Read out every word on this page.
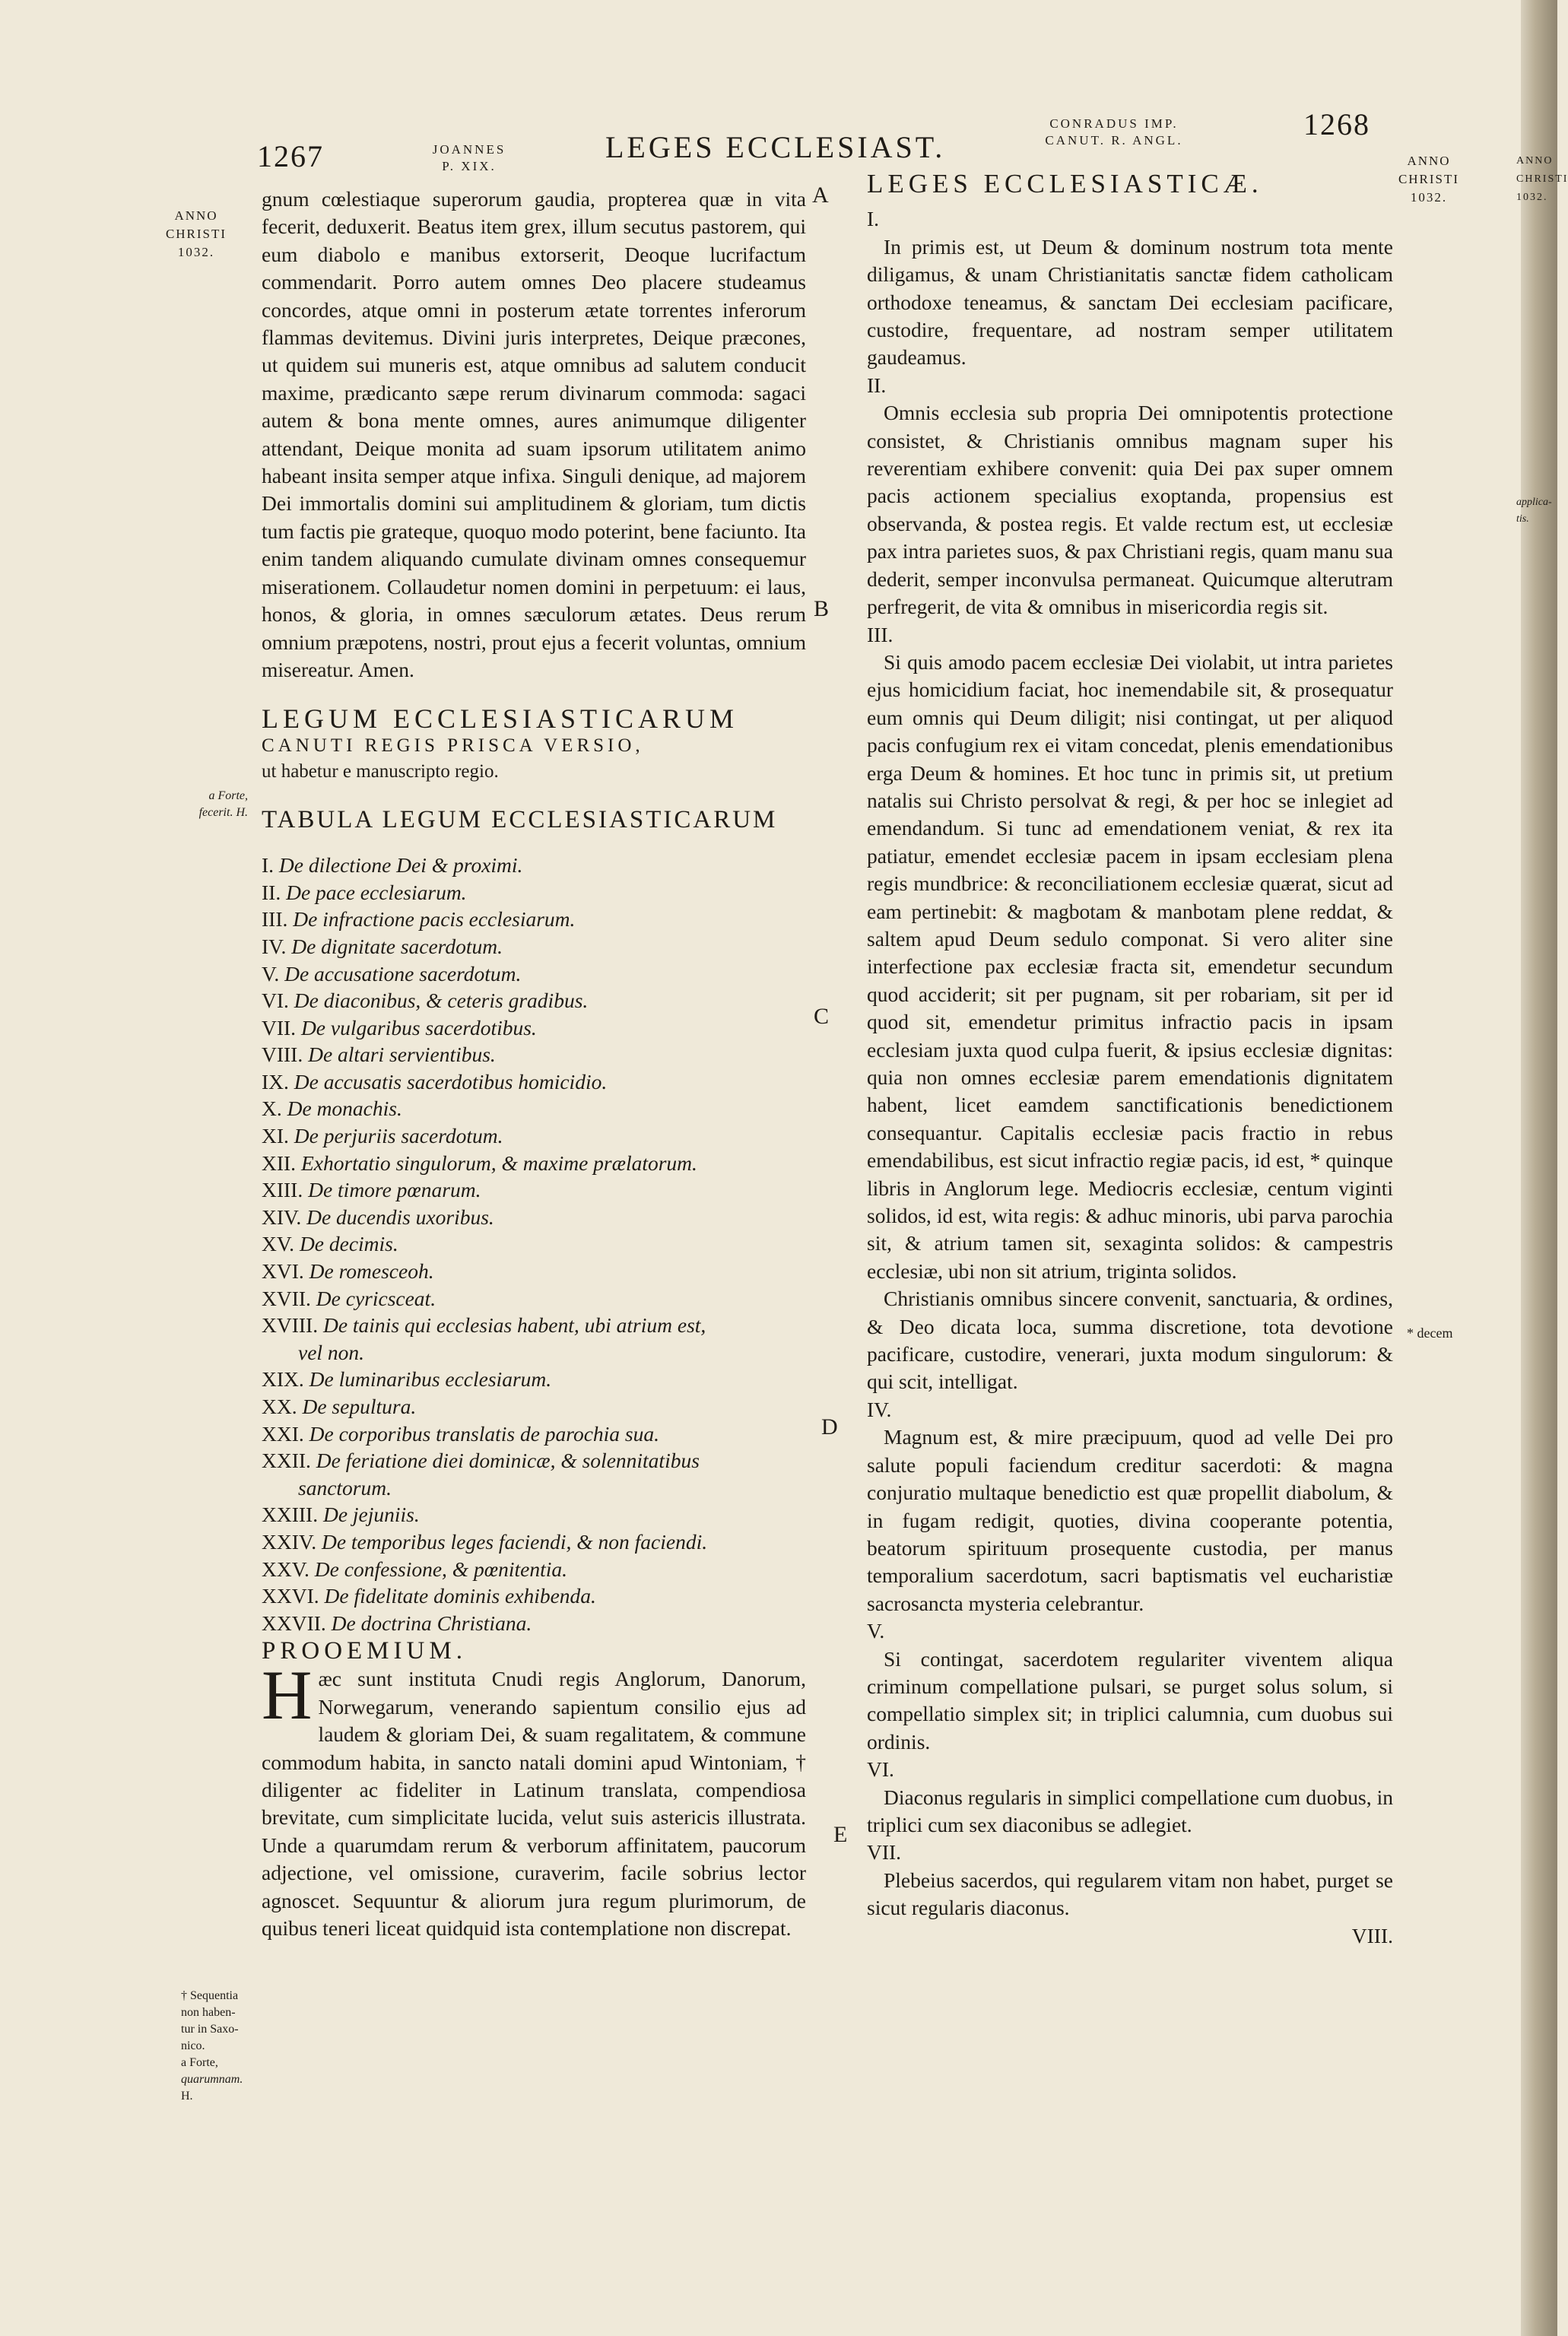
1267	JOANNES
P. XIX.
LEGES ECCLESIAST.
CONRADUS IMP.
CANUT. R. ANGL.	1268
ANNO
CHRISTI
1032.
ANNO
CHRISTI
1032.
ANNO
CHRISTI
1032.
applica-
tis.
a Forte,
fecerit. H.
† Sequentia
non haben-
tur in Saxo-
nico.
a Forte,
quarumnam.
H.
* decem
A
B
C
D
E

gnum cœlestiaque superorum gaudia, propterea quæ in vita fecerit, deduxerit. Beatus item grex, illum secutus pastorem, qui eum diabolo e manibus extorserit, Deoque lucrifactum commendarit. Porro autem omnes Deo placere studeamus concordes, atque omni in posterum ætate torrentes inferorum flammas devitemus. Divini juris interpretes, Deique præcones, ut quidem sui muneris est, atque omnibus ad salutem conducit maxime, prædicanto sæpe rerum divinarum commoda: sagaci autem & bona mente omnes, aures animumque diligenter attendant, Deique monita ad suam ipsorum utilitatem animo habeant insita semper atque infixa. Singuli denique, ad majorem Dei immortalis domini sui amplitudinem & gloriam, tum dictis tum factis pie grateque, quoquo modo poterint, bene faciunto. Ita enim tandem aliquando cumulate divinam omnes consequemur miserationem. Collaudetur nomen domini in perpetuum: ei laus, honos, & gloria, in omnes sæculorum ætates. Deus rerum omnium præpotens, nostri, prout ejus a fecerit voluntas, omnium misereatur. Amen.

LEGUM ECCLESIASTICARUM

CANUTI REGIS PRISCA VERSIO,

ut habetur e manuscripto regio.

TABULA LEGUM ECCLESIASTICARUM

I. De dilectione Dei & proximi.
II. De pace ecclesiarum.
III. De infractione pacis ecclesiarum.
IV. De dignitate sacerdotum.
V. De accusatione sacerdotum.
VI. De diaconibus, & ceteris gradibus.
VII. De vulgaribus sacerdotibus.
VIII. De altari servientibus.
IX. De accusatis sacerdotibus homicidio.
X. De monachis.
XI. De perjuriis sacerdotum.
XII. Exhortatio singulorum, & maxime prælatorum.
XIII. De timore pœnarum.
XIV. De ducendis uxoribus.
XV. De decimis.
XVI. De romesceoh.
XVII. De cyricsceat.
XVIII. De tainis qui ecclesias habent, ubi atrium est,
vel non.
XIX. De luminaribus ecclesiarum.
XX. De sepultura.
XXI. De corporibus translatis de parochia sua.
XXII. De feriatione diei dominicæ, & solennitatibus
sanctorum.
XXIII. De jejuniis.
XXIV. De temporibus leges faciendi, & non faciendi.
XXV. De confessione, & pœnitentia.
XXVI. De fidelitate dominis exhibenda.
XXVII. De doctrina Christiana.

PROOEMIUM.

Hæc sunt instituta Cnudi regis Anglorum, Danorum, Norwegarum, venerando sapientum consilio ejus ad laudem & gloriam Dei, & suam regalitatem, & commune commodum habita, in sancto natali domini apud Wintoniam, † diligenter ac fideliter in Latinum translata, compendiosa brevitate, cum simplicitate lucida, velut suis astericis illustrata. Unde a quarumdam rerum & verborum affinitatem, paucorum adjectione, vel omissione, curaverim, facile sobrius lector agnoscet. Sequuntur & aliorum jura regum plurimorum, de quibus teneri liceat quidquid ista contemplatione non discrepat.

LEGES ECCLESIASTICÆ.

I.

In primis est, ut Deum & dominum nostrum tota mente diligamus, & unam Christianitatis sanctæ fidem catholicam orthodoxe teneamus, & sanctam Dei ecclesiam pacificare, custodire, frequentare, ad nostram semper utilitatem gaudeamus.

II.

Omnis ecclesia sub propria Dei omnipotentis protectione consistet, & Christianis omnibus magnam super his reverentiam exhibere convenit: quia Dei pax super omnem pacis actionem specialius exoptanda, propensius est observanda, & postea regis. Et valde rectum est, ut ecclesiæ pax intra parietes suos, & pax Christiani regis, quam manu sua dederit, semper inconvulsa permaneat. Quicumque alterutram perfregerit, de vita & omnibus in misericordia regis sit.

III.

Si quis amodo pacem ecclesiæ Dei violabit, ut intra parietes ejus homicidium faciat, hoc inemendabile sit, & prosequatur eum omnis qui Deum diligit; nisi contingat, ut per aliquod pacis confugium rex ei vitam concedat, plenis emendationibus erga Deum & homines. Et hoc tunc in primis sit, ut pretium natalis sui Christo persolvat & regi, & per hoc se inlegiet ad emendandum. Si tunc ad emendationem veniat, & rex ita patiatur, emendet ecclesiæ pacem in ipsam ecclesiam plena regis mundbrice: & reconciliationem ecclesiæ quærat, sicut ad eam pertinebit: & magbotam & manbotam plene reddat, & saltem apud Deum sedulo componat. Si vero aliter sine interfectione pax ecclesiæ fracta sit, emendetur secundum quod acciderit; sit per pugnam, sit per robariam, sit per id quod sit, emendetur primitus infractio pacis in ipsam ecclesiam juxta quod culpa fuerit, & ipsius ecclesiæ dignitas: quia non omnes ecclesiæ parem emendationis dignitatem habent, licet eamdem sanctificationis benedictionem consequantur. Capitalis ecclesiæ pacis fractio in rebus emendabilibus, est sicut infractio regiæ pacis, id est, * quinque libris in Anglorum lege. Mediocris ecclesiæ, centum viginti solidos, id est, wita regis: & adhuc minoris, ubi parva parochia sit, & atrium tamen sit, sexaginta solidos: & campestris ecclesiæ, ubi non sit atrium, triginta solidos.

Christianis omnibus sincere convenit, sanctuaria, & ordines, & Deo dicata loca, summa discretione, tota devotione pacificare, custodire, venerari, juxta modum singulorum: & qui scit, intelligat.

IV.

Magnum est, & mire præcipuum, quod ad velle Dei pro salute populi faciendum creditur sacerdoti: & magna conjuratio multaque benedictio est quæ propellit diabolum, & in fugam redigit, quoties, divina cooperante potentia, beatorum spirituum prosequente custodia, per manus temporalium sacerdotum, sacri baptismatis vel eucharistiæ sacrosancta mysteria celebrantur.

V.

Si contingat, sacerdotem regulariter viventem aliqua criminum compellatione pulsari, se purget solus solum, si compellatio simplex sit; in triplici calumnia, cum duobus sui ordinis.

VI.

Diaconus regularis in simplici compellatione cum duobus, in triplici cum sex diaconibus se adlegiet.

VII.

Plebeius sacerdos, qui regularem vitam non habet, purget se sicut regularis diaconus.

VIII.
